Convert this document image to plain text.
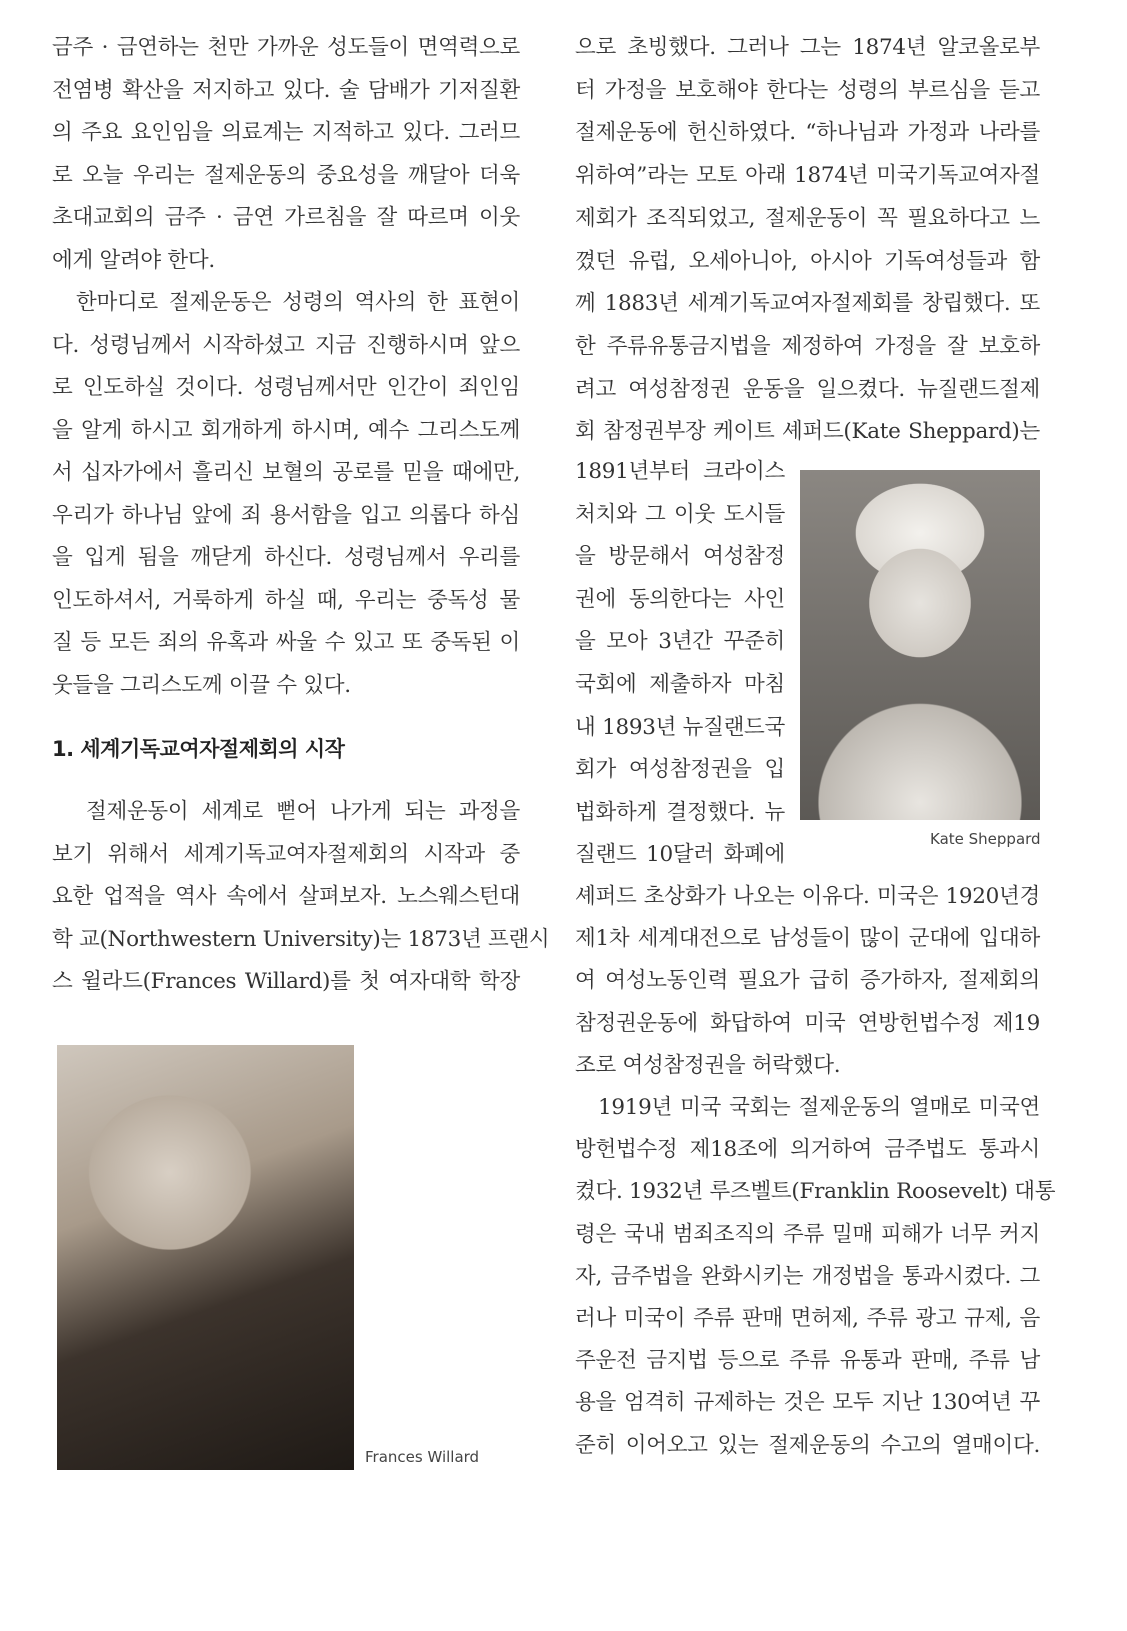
금주 · 금연하는 천만 가까운 성도들이 면역력으로
전염병 확산을 저지하고 있다. 술 담배가 기저질환
의 주요 요인임을 의료계는 지적하고 있다. 그러므
로 오늘 우리는 절제운동의 중요성을 깨달아 더욱
초대교회의 금주 · 금연 가르침을 잘 따르며 이웃
에게 알려야 한다.
한마디로 절제운동은 성령의 역사의 한 표현이
다. 성령님께서 시작하셨고 지금 진행하시며 앞으
로 인도하실 것이다. 성령님께서만 인간이 죄인임
을 알게 하시고 회개하게 하시며, 예수 그리스도께
서 십자가에서 흘리신 보혈의 공로를 믿을 때에만,
우리가 하나님 앞에 죄 용서함을 입고 의롭다 하심
을 입게 됨을 깨닫게 하신다. 성령님께서 우리를
인도하셔서, 거룩하게 하실 때, 우리는 중독성 물
질 등 모든 죄의 유혹과 싸울 수 있고 또 중독된 이
웃들을 그리스도께 이끌 수 있다.
1. 세계기독교여자절제회의 시작
절제운동이 세계로 뻗어 나가게 되는 과정을
보기 위해서 세계기독교여자절제회의 시작과 중
요한 업적을 역사 속에서 살펴보자. 노스웨스턴대
학 교(Northwestern University)는 1873년 프랜시
스 윌라드(Frances Willard)를 첫 여자대학 학장
으로 초빙했다. 그러나 그는 1874년 알코올로부
터 가정을 보호해야 한다는 성령의 부르심을 듣고
절제운동에 헌신하였다. “하나님과 가정과 나라를
위하여”라는 모토 아래 1874년 미국기독교여자절
제회가 조직되었고, 절제운동이 꼭 필요하다고 느
꼈던 유럽, 오세아니아, 아시아 기독여성들과 함
께 1883년 세계기독교여자절제회를 창립했다. 또
한 주류유통금지법을 제정하여 가정을 잘 보호하
려고 여성참정권 운동을 일으켰다. 뉴질랜드절제
회 참정권부장 케이트 셰퍼드(Kate Sheppard)는
1891년부터 크라이스
처치와 그 이웃 도시들
을 방문해서 여성참정
권에 동의한다는 사인
을 모아 3년간 꾸준히
국회에 제출하자 마침
내 1893년 뉴질랜드국
회가 여성참정권을 입
법화하게 결정했다. 뉴
질랜드 10달러 화폐에
셰퍼드 초상화가 나오는 이유다. 미국은 1920년경
제1차 세계대전으로 남성들이 많이 군대에 입대하
여 여성노동인력 필요가 급히 증가하자, 절제회의
참정권운동에 화답하여 미국 연방헌법수정 제19
조로 여성참정권을 허락했다.
1919년 미국 국회는 절제운동의 열매로 미국연
방헌법수정 제18조에 의거하여 금주법도 통과시
켰다. 1932년 루즈벨트(Franklin Roosevelt) 대통
령은 국내 범죄조직의 주류 밀매 피해가 너무 커지
자, 금주법을 완화시키는 개정법을 통과시켰다. 그
러나 미국이 주류 판매 면허제, 주류 광고 규제, 음
주운전 금지법 등으로 주류 유통과 판매, 주류 남
용을 엄격히 규제하는 것은 모두 지난 130여년 꾸
준히 이어오고 있는 절제운동의 수고의 열매이다.
Frances Willard
Kate Sheppard
